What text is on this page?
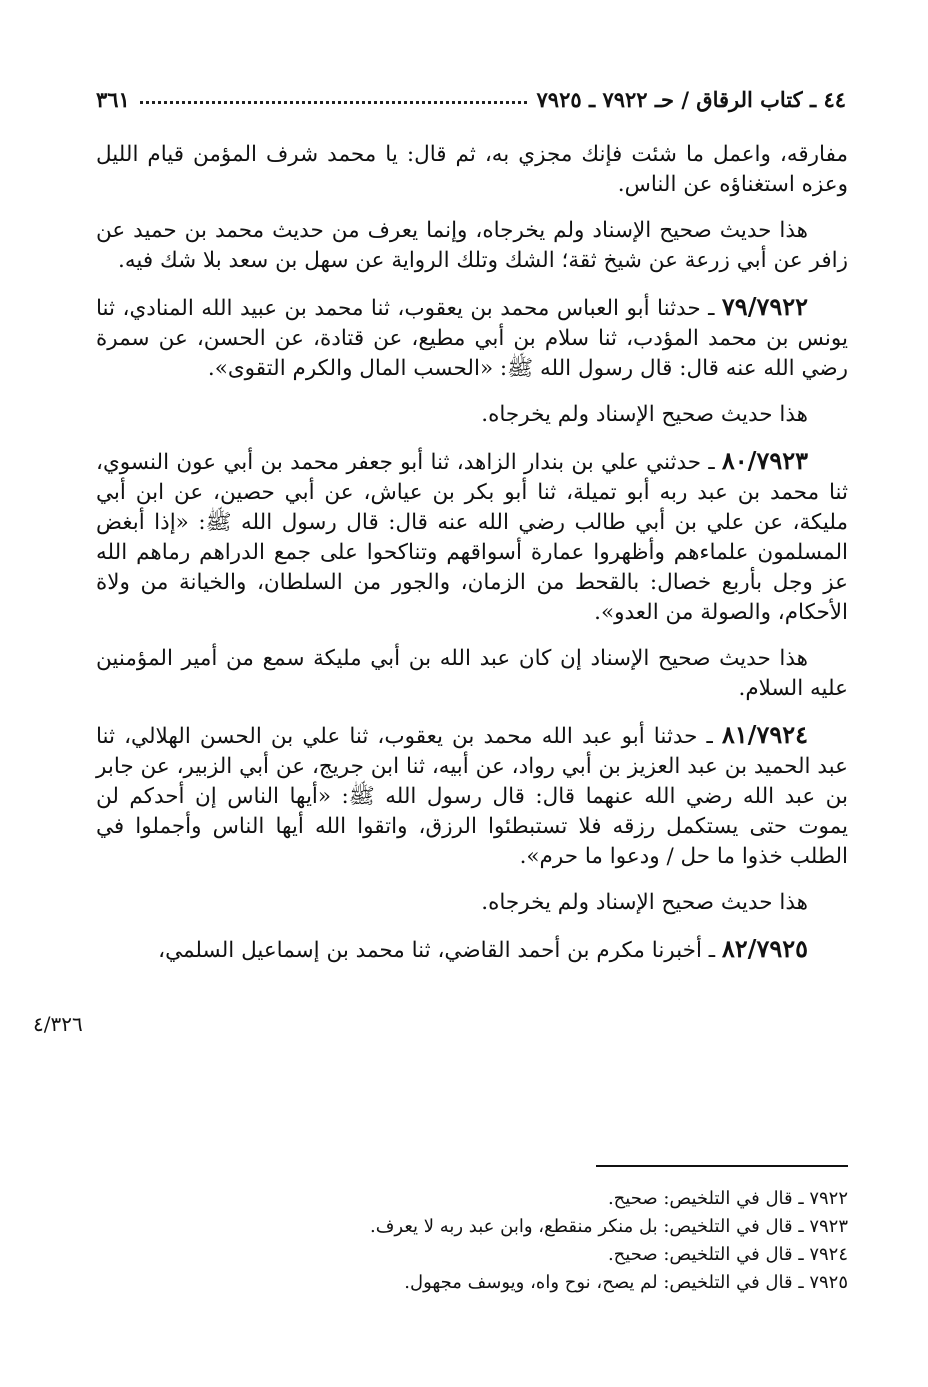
٤٤ ـ كتاب الرقاق / حـ ٧٩٢٢ ـ ٧٩٢٥
٣٦١

مفارقه، واعمل ما شئت فإنك مجزي به، ثم قال: يا محمد شرف المؤمن قيام الليل وعزه استغناؤه عن الناس.

هذا حديث صحيح الإسناد ولم يخرجاه، وإنما يعرف من حديث محمد بن حميد عن زافر عن أبي زرعة عن شيخ ثقة؛ الشك وتلك الرواية عن سهل بن سعد بلا شك فيه.

٧٩/٧٩٢٢ ـ حدثنا أبو العباس محمد بن يعقوب، ثنا محمد بن عبيد الله المنادي، ثنا يونس بن محمد المؤدب، ثنا سلام بن أبي مطيع، عن قتادة، عن الحسن، عن سمرة رضي الله عنه قال: قال رسول الله ﷺ: «الحسب المال والكرم التقوى».

هذا حديث صحيح الإسناد ولم يخرجاه.

٨٠/٧٩٢٣ ـ حدثني علي بن بندار الزاهد، ثنا أبو جعفر محمد بن أبي عون النسوي، ثنا محمد بن عبد ربه أبو تميلة، ثنا أبو بكر بن عياش، عن أبي حصين، عن ابن أبي مليكة، عن علي بن أبي طالب رضي الله عنه قال: قال رسول الله ﷺ: «إذا أبغض المسلمون علماءهم وأظهروا عمارة أسواقهم وتناكحوا على جمع الدراهم رماهم الله عز وجل بأربع خصال: بالقحط من الزمان، والجور من السلطان، والخيانة من ولاة الأحكام، والصولة من العدو».

هذا حديث صحيح الإسناد إن كان عبد الله بن أبي مليكة سمع من أمير المؤمنين عليه السلام.

٨١/٧٩٢٤ ـ حدثنا أبو عبد الله محمد بن يعقوب، ثنا علي بن الحسن الهلالي، ثنا عبد الحميد بن عبد العزيز بن أبي رواد، عن أبيه، ثنا ابن جريج، عن أبي الزبير، عن جابر بن عبد الله رضي الله عنهما قال: قال رسول الله ﷺ: «أيها الناس إن أحدكم لن يموت حتى يستكمل رزقه فلا تستبطئوا الرزق، واتقوا الله أيها الناس وأجملوا في الطلب خذوا ما حل / ودعوا ما حرم».

هذا حديث صحيح الإسناد ولم يخرجاه.

٨٢/٧٩٢٥ ـ أخبرنا مكرم بن أحمد القاضي، ثنا محمد بن إسماعيل السلمي،

٤/٣٢٦
٧٩٢٢ ـ قال في التلخيص: صحيح.
٧٩٢٣ ـ قال في التلخيص: بل منكر منقطع، وابن عبد ربه لا يعرف.
٧٩٢٤ ـ قال في التلخيص: صحيح.
٧٩٢٥ ـ قال في التلخيص: لم يصح، نوح واه، ويوسف مجهول.
